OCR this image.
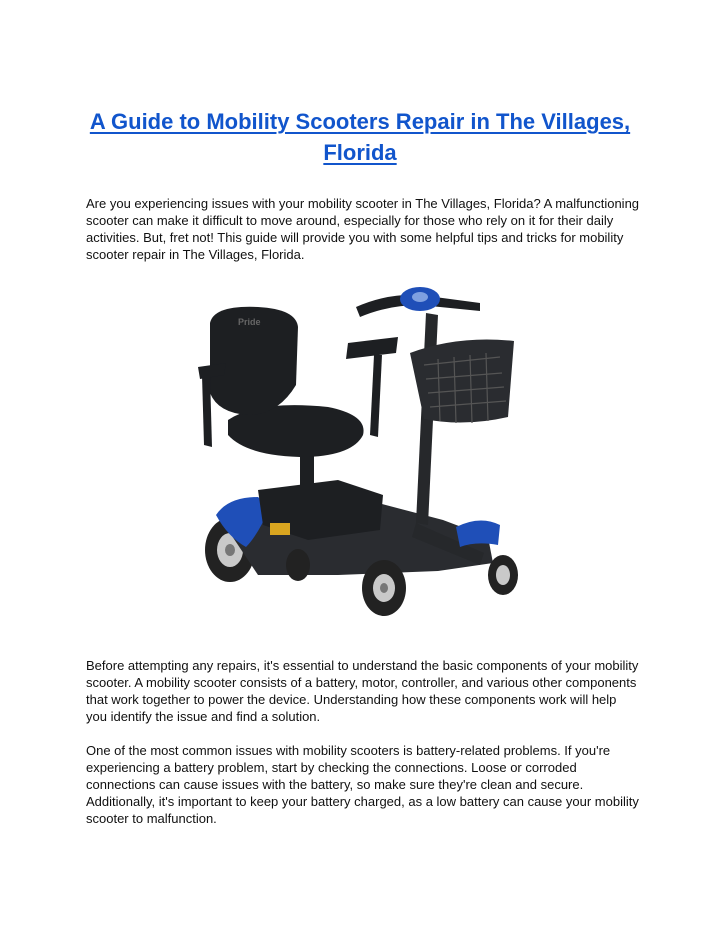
A Guide to Mobility Scooters Repair in The Villages, Florida

Are you experiencing issues with your mobility scooter in The Villages, Florida? A malfunctioning scooter can make it difficult to move around, especially for those who rely on it for their daily activities. But, fret not! This guide will provide you with some helpful tips and tricks for mobility scooter repair in The Villages, Florida.

Pride

Before attempting any repairs, it's essential to understand the basic components of your mobility scooter. A mobility scooter consists of a battery, motor, controller, and various other components that work together to power the device. Understanding how these components work will help you identify the issue and find a solution.

One of the most common issues with mobility scooters is battery-related problems. If you're experiencing a battery problem, start by checking the connections. Loose or corroded connections can cause issues with the battery, so make sure they're clean and secure. Additionally, it's important to keep your battery charged, as a low battery can cause your mobility scooter to malfunction.
